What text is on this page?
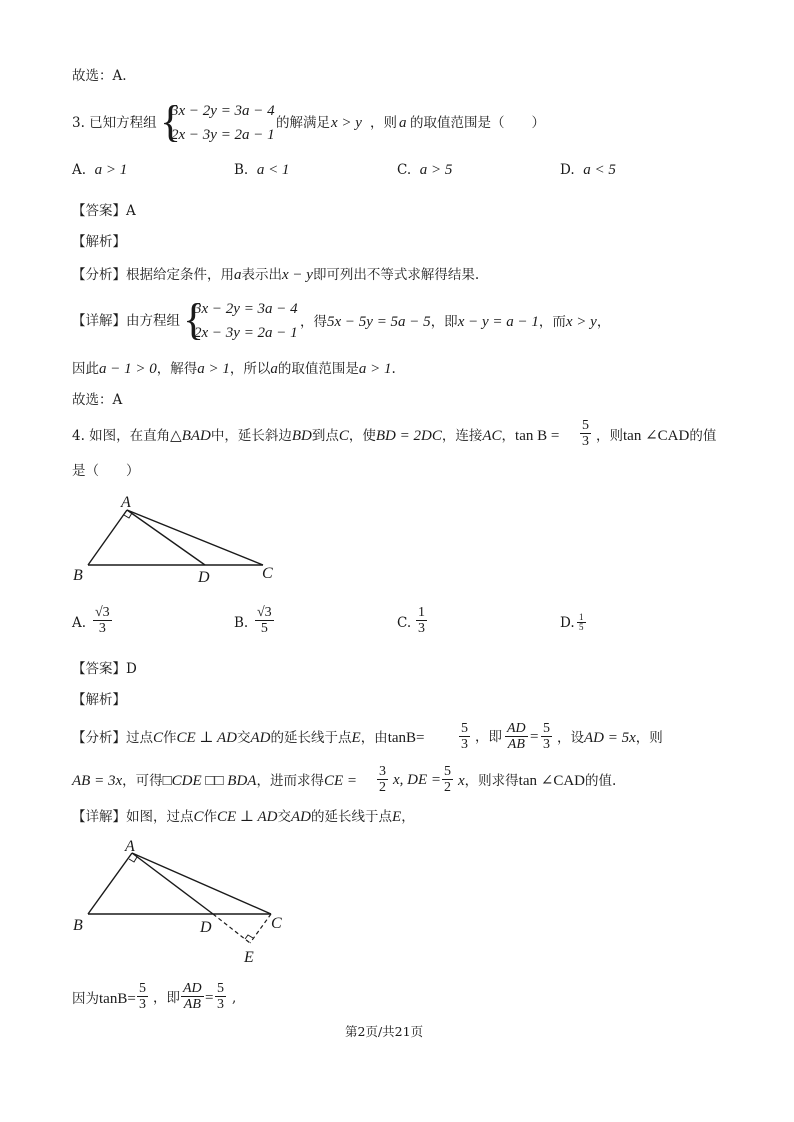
故选：A.
3. 已知方程组 {
3x − 2y = 3a − 4
2x − 3y = 2a − 1
的解满足 x > y ，则 a 的取值范围是（　　）
A. a > 1	B. a < 1	C. a > 5	D. a < 5
【答案】A
【解析】
【分析】根据给定条件，用a表示出x − y即可列出不等式求解得结果.
【详解】由方程组 {
3x − 2y = 3a − 4
2x − 3y = 2a − 1
，得5x − 5y = 5a − 5，即x − y = a − 1，而x > y，
因此a − 1 > 0，解得a > 1，所以a的取值范围是a > 1.
故选：A
4. 如图，在直角△BAD中，延长斜边BD到点C，使BD = 2DC，连接AC，$\tan B = \frac{5}{3}$ ，则tan ∠CAD的值
是（　　）
A
B	D	C
A. $\frac{√3}{3}$	B. $\frac{√3}{5}$	C. $\frac{1}{3}$	D. $\frac{1}{5}$
【答案】D
【解析】
【分析】过点C作CE ⊥ AD交AD的延长线于点E，由$\tan B= \frac{5}{3}$ ，即 $\frac{AD}{AB} = \frac{5}{3}$ ，设AD = 5x，则
AB = 3x，可得□CDE □□ BDA，进而求得CE = $\frac{3}{2} x$, DE = $\frac{5}{2}$ x，则求得tan ∠CAD的值.
【详解】如图，过点C作CE ⊥ AD交AD的延长线于点E，
A
B	D	C
E
因为$\tan B= \frac{5}{3}$ ，即 $\frac{AD}{AB} = \frac{5}{3}$ ,
第2页/共21页
